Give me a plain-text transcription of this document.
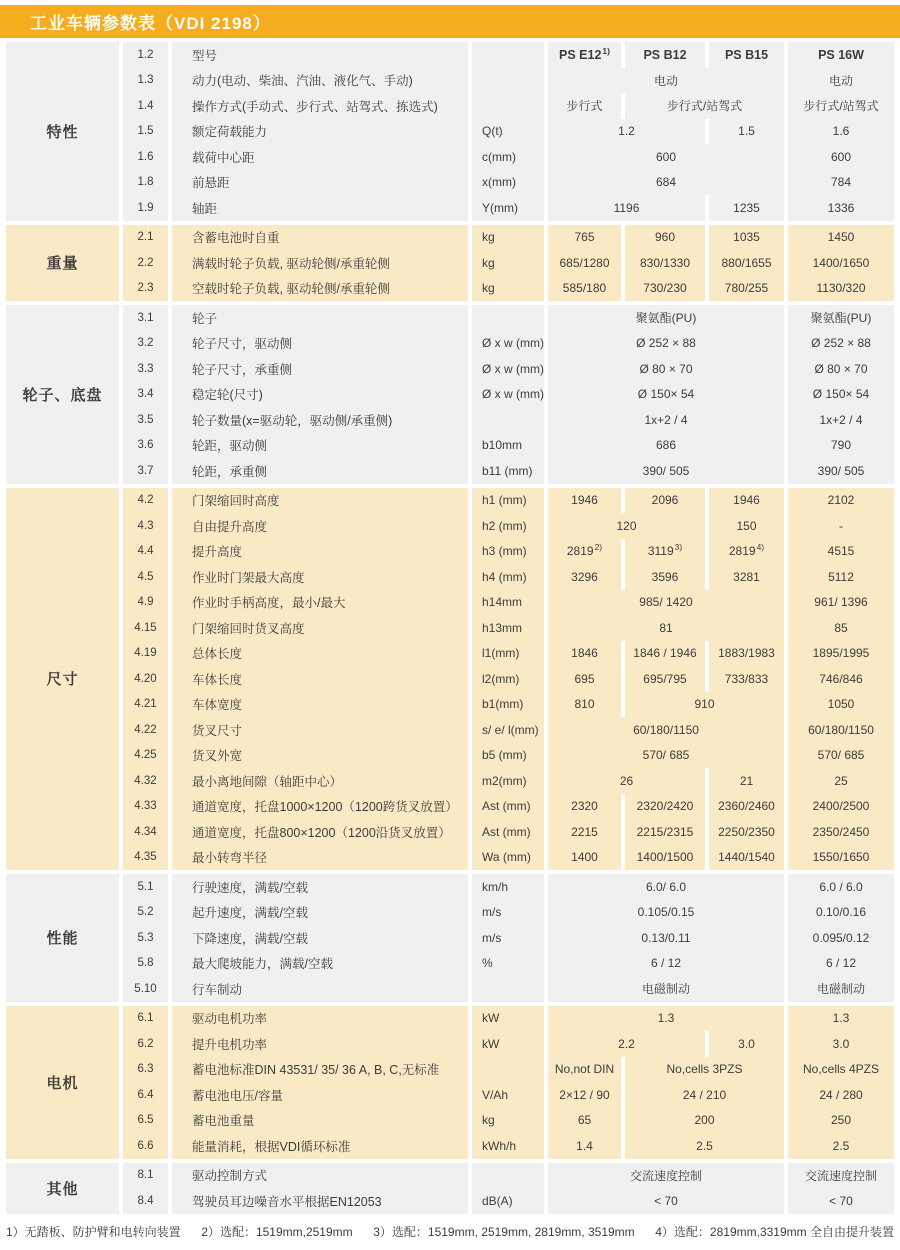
工业车辆参数表（VDI 2198）
特性
1.2	型号	PS E12$^{1)}$	PS B12	PS B15	PS 16W
1.3	动力(电动、柴油、汽油、液化气、手动)	电动	电动
1.4	操作方式(手动式、步行式、站驾式、拣选式)	步行式	步行式/站驾式	步行式/站驾式
1.5	额定荷载能力	Q(t)	1.2	1.5	1.6
1.6	载荷中心距	c(mm)	600	600
1.8	前悬距	x(mm)	684	784
1.9	轴距	Y(mm)	1196	1235	1336
重量
2.1	含蓄电池时自重	kg	765	960	1035	1450
2.2	满载时轮子负载, 驱动轮侧/承重轮侧	kg	685/1280	830/1330	880/1655	1400/1650
2.3	空载时轮子负载, 驱动轮侧/承重轮侧	kg	585/180	730/230	780/255	1130/320
轮子、底盘
3.1	轮子	聚氨酯(PU)	聚氨酯(PU)
3.2	轮子尺寸，驱动侧	Ø x w (mm)	Ø 252 × 88	Ø 252 × 88
3.3	轮子尺寸，承重侧	Ø x w (mm)	Ø 80 × 70	Ø 80 × 70
3.4	稳定轮(尺寸)	Ø x w (mm)	Ø 150× 54	Ø 150× 54
3.5	轮子数量(x=驱动轮，驱动侧/承重侧)	1x+2 / 4	1x+2 / 4
3.6	轮距，驱动侧	b10mm	686	790
3.7	轮距，承重侧	b11 (mm)	390/ 505	390/ 505
尺寸
4.2	门架缩回时高度	h1 (mm)	1946	2096	1946	2102
4.3	自由提升高度	h2 (mm)	120	150	-
4.4	提升高度	h3 (mm)	2819$^{2)}$	3119$^{3)}$	2819$^{4)}$	4515
4.5	作业时门架最大高度	h4 (mm)	3296	3596	3281	5112
4.9	作业时手柄高度，最小/最大	h14mm	985/ 1420	961/ 1396
4.15	门架缩回时货叉高度	h13mm	81	85
4.19	总体长度	l1(mm)	1846	1846 / 1946	1883/1983	1895/1995
4.20	车体长度	l2(mm)	695	695/795	733/833	746/846
4.21	车体宽度	b1(mm)	810	910	1050
4.22	货叉尺寸	s/ e/ l(mm)	60/180/1150	60/180/1150
4.25	货叉外宽	b5 (mm)	570/ 685	570/ 685
4.32	最小离地间隙（轴距中心）	m2(mm)	26	21	25
4.33	通道宽度，托盘1000×1200（1200跨货叉放置）	Ast (mm)	2320	2320/2420	2360/2460	2400/2500
4.34	通道宽度，托盘800×1200（1200沿货叉放置）	Ast (mm)	2215	2215/2315	2250/2350	2350/2450
4.35	最小转弯半径	Wa (mm)	1400	1400/1500	1440/1540	1550/1650
性能
5.1	行驶速度，满载/空载	km/h	6.0/ 6.0	6.0 / 6.0
5.2	起升速度，满载/空载	m/s	0.105/0.15	0.10/0.16
5.3	下降速度，满载/空载	m/s	0.13/0.11	0.095/0.12
5.8	最大爬坡能力，满载/空载	%	6 / 12	6 / 12
5.10	行车制动	电磁制动	电磁制动
电机
6.1	驱动电机功率	kW	1.3	1.3
6.2	提升电机功率	kW	2.2	3.0	3.0
6.3	蓄电池标准DIN 43531/ 35/ 36 A, B, C,无标准	No,not DIN	No,cells 3PZS	No,cells 4PZS
6.4	蓄电池电压/容量	V/Ah	2×12 / 90	24 / 210	24 / 280
6.5	蓄电池重量	kg	65	200	250
6.6	能量消耗，根据VDI循环标准	kWh/h	1.4	2.5	2.5
其他
8.1	驱动控制方式	交流速度控制	交流速度控制
8.4	驾驶员耳边噪音水平根据EN12053	dB(A)	< 70	< 70
1）无踏板、防护臂和电转向装置 2）选配：1519mm,2519mm 3）选配：1519mm, 2519mm, 2819mm, 3519mm 4）选配：2819mm,3319mm 全自由提升装置
